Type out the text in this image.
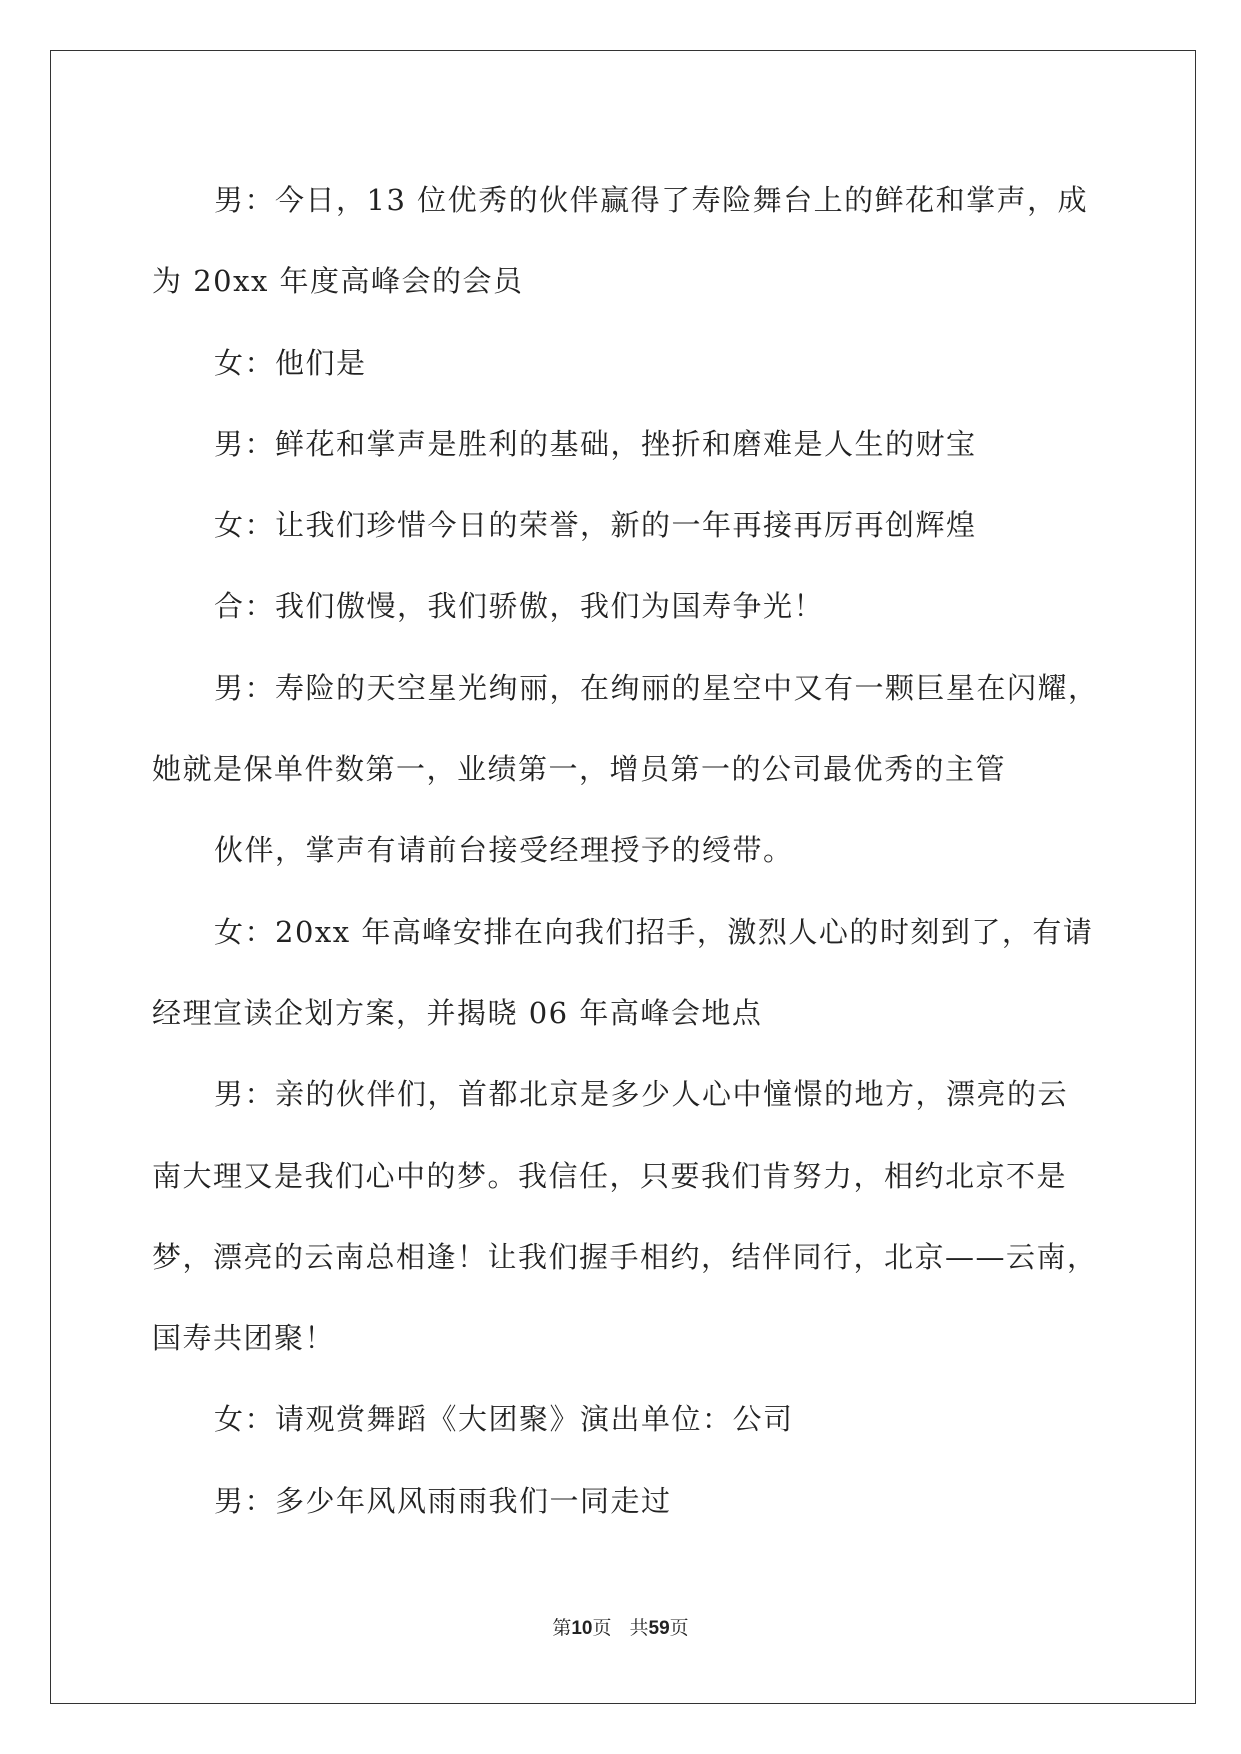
男：今日，13 位优秀的伙伴赢得了寿险舞台上的鲜花和掌声，成
为 20xx 年度高峰会的会员
女：他们是
男：鲜花和掌声是胜利的基础，挫折和磨难是人生的财宝
女：让我们珍惜今日的荣誉，新的一年再接再厉再创辉煌
合：我们傲慢，我们骄傲，我们为国寿争光！
男：寿险的天空星光绚丽，在绚丽的星空中又有一颗巨星在闪耀，
她就是保单件数第一，业绩第一，增员第一的公司最优秀的主管
伙伴，掌声有请前台接受经理授予的绶带。
女：20xx 年高峰安排在向我们招手，激烈人心的时刻到了，有请
经理宣读企划方案，并揭晓 06 年高峰会地点
男：亲的伙伴们，首都北京是多少人心中憧憬的地方，漂亮的云
南大理又是我们心中的梦。我信任，只要我们肯努力，相约北京不是
梦，漂亮的云南总相逢！让我们握手相约，结伴同行，北京——云南，
国寿共团聚！
女：请观赏舞蹈《大团聚》演出单位：公司
男：多少年风风雨雨我们一同走过
第10页 共59页
